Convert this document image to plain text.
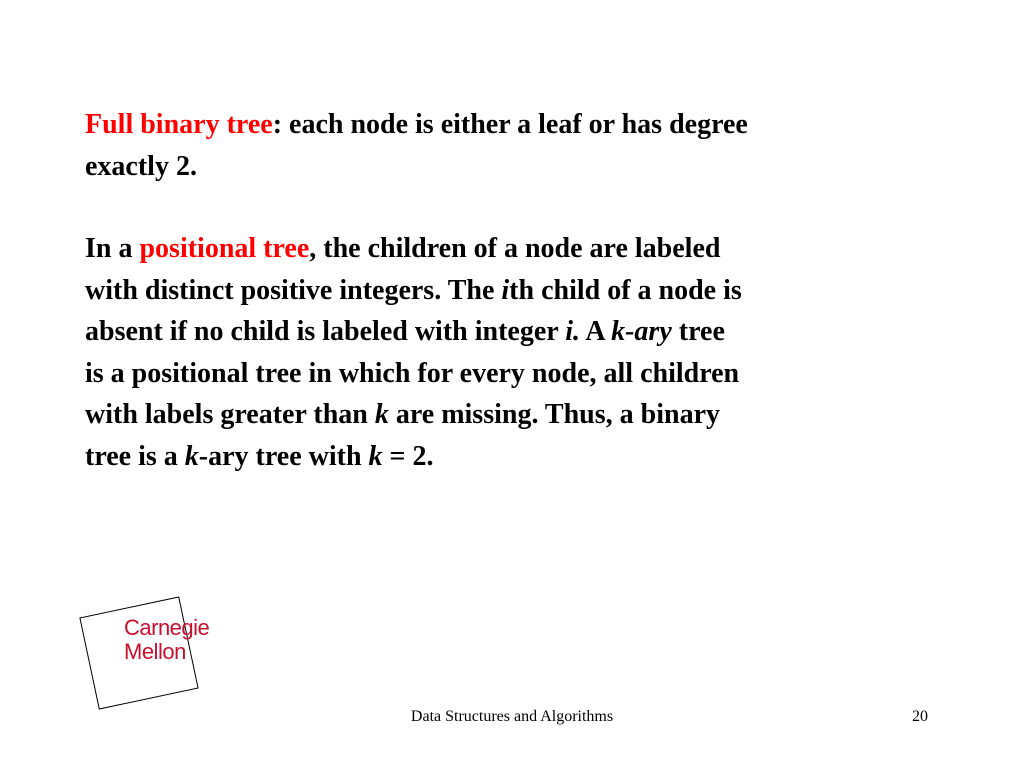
Full binary tree: each node is either a leaf or has degree
exactly 2.

In a positional tree, the children of a node are labeled
with distinct positive integers. The ith child of a node is
absent if no child is labeled with integer i. A k-ary tree
is a positional tree in which for every node, all children
with labels greater than k are missing. Thus, a binary
tree is a k-ary tree with k = 2.

Carnegie
Mellon
Data Structures and Algorithms	20
